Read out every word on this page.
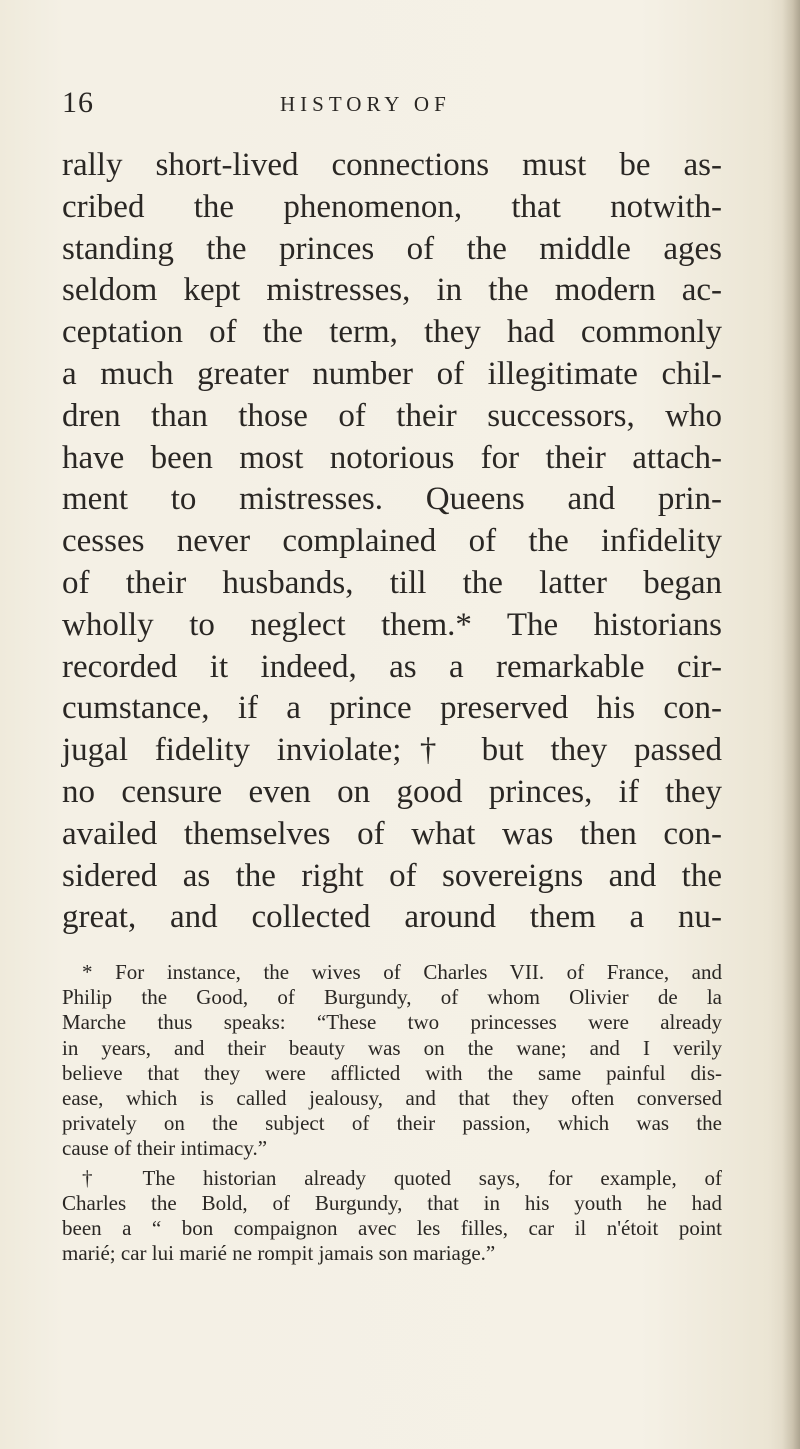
16	HISTORY OF
rally short-lived connections must be as-
cribed the phenomenon, that notwith-
standing the princes of the middle ages
seldom kept mistresses, in the modern ac-
ceptation of the term, they had commonly
a much greater number of illegitimate chil-
dren than those of their successors, who
have been most notorious for their attach-
ment to mistresses. Queens and prin-
cesses never complained of the infidelity
of their husbands, till the latter began
wholly to neglect them.* The historians
recorded it indeed, as a remarkable cir-
cumstance, if a prince preserved his con-
jugal fidelity inviolate;† but they passed
no censure even on good princes, if they
availed themselves of what was then con-
sidered as the right of sovereigns and the
great, and collected around them a nu-
* For instance, the wives of Charles VII. of France, and
Philip the Good, of Burgundy, of whom Olivier de la
Marche thus speaks: “These two princesses were already
in years, and their beauty was on the wane; and I verily
believe that they were afflicted with the same painful dis-
ease, which is called jealousy, and that they often conversed
privately on the subject of their passion, which was the
cause of their intimacy.”
† The historian already quoted says, for example, of
Charles the Bold, of Burgundy, that in his youth he had
been a “ bon compaignon avec les filles, car il n'étoit point
marié; car lui marié ne rompit jamais son mariage.”
